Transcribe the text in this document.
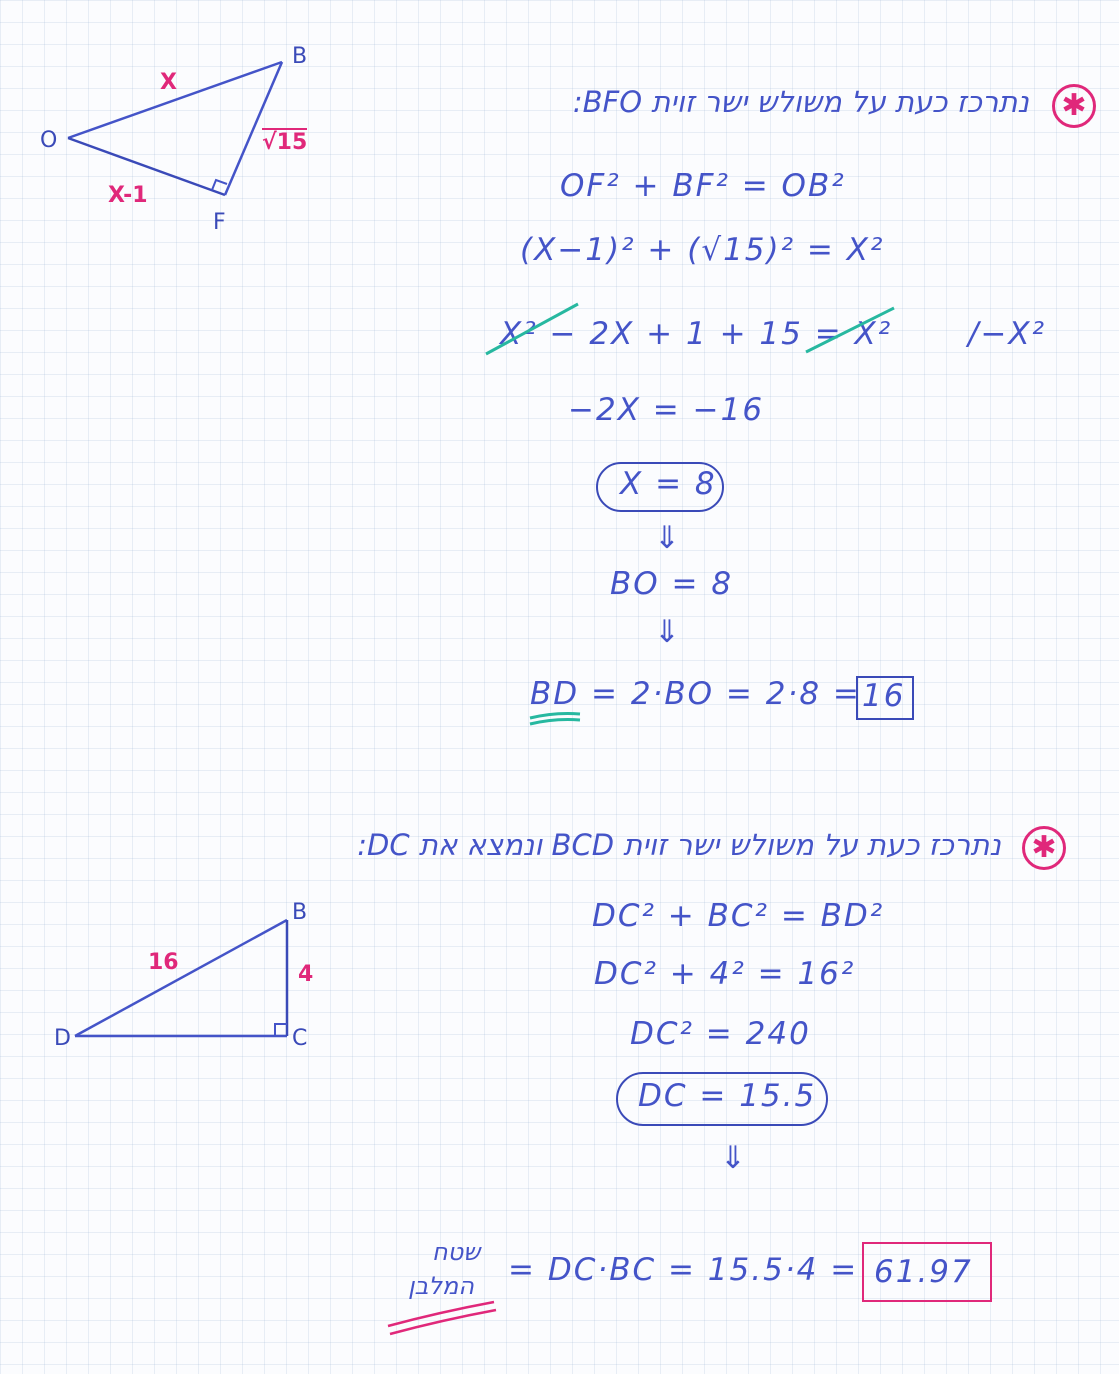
B
O
F
X
X-1
√15
✱
נתרכז כעת על משולש ישר זוית BFO:
OF² + BF² = OB²
(X−1)² + (√15)² = X²
X² − 2X + 1 + 15 = X² /−X²
−2X = −16
X = 8
⇓
BO = 8
⇓
BD = 2·BO = 2·8 = 16
✱
נתרכז כעת על משולש ישר זוית BCD ונמצא את DC:
B
D	C
16	4
DC² + BC² = BD²
DC² + 4² = 16²
DC² = 240
DC = 15.5
⇓
שטח
המלבן = DC·BC = 15.5·4 = 61.97
